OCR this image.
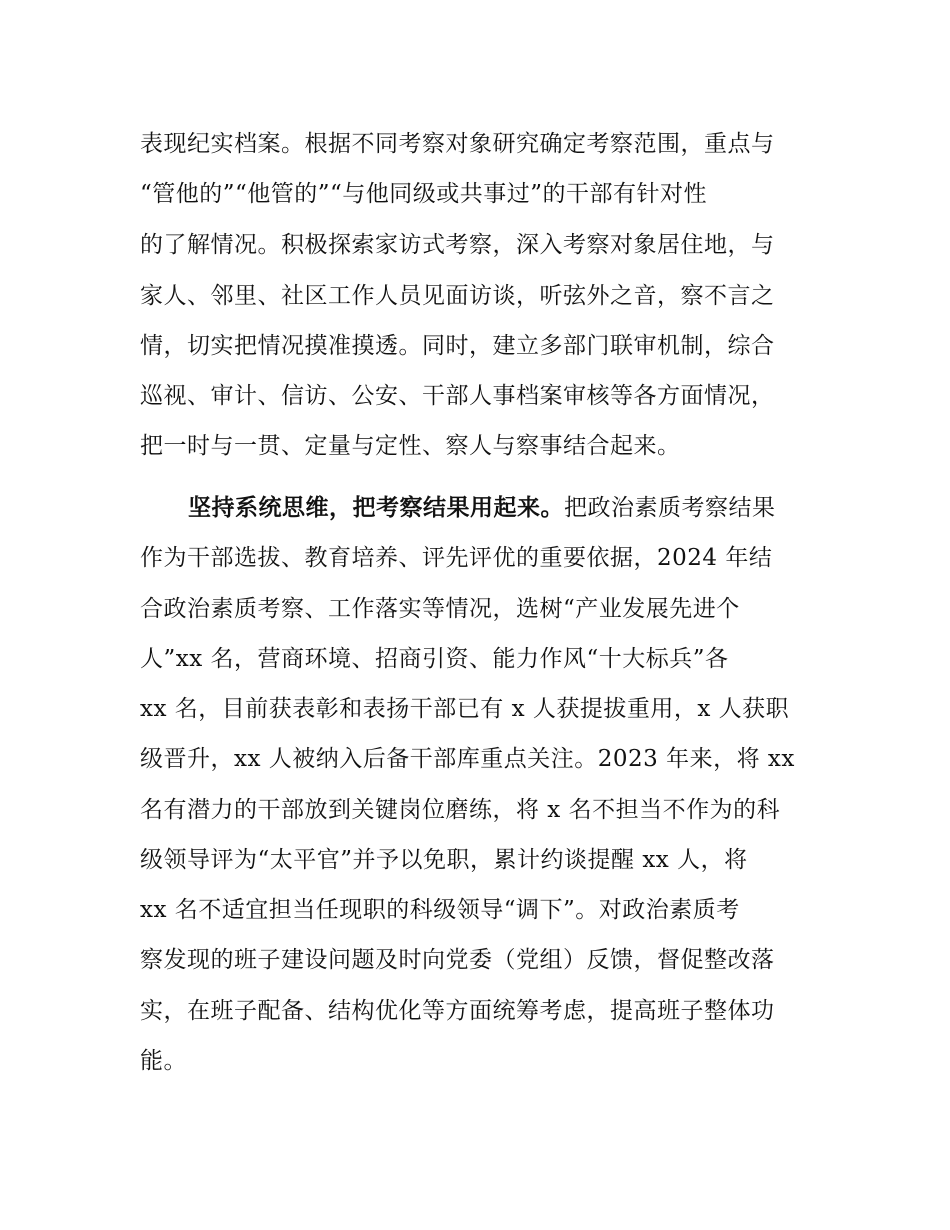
表现纪实档案。根据不同考察对象研究确定考察范围，重点与
“管他的”“他管的”“与他同级或共事过”的干部有针对性
的了解情况。积极探索家访式考察，深入考察对象居住地，与
家人、邻里、社区工作人员见面访谈，听弦外之音，察不言之
情，切实把情况摸准摸透。同时，建立多部门联审机制，综合
巡视、审计、信访、公安、干部人事档案审核等各方面情况，
把一时与一贯、定量与定性、察人与察事结合起来。
坚持系统思维，把考察结果用起来。把政治素质考察结果
作为干部选拔、教育培养、评先评优的重要依据，2024 年结
合政治素质考察、工作落实等情况，选树“产业发展先进个
人”xx 名，营商环境、招商引资、能力作风“十大标兵”各
xx 名，目前获表彰和表扬干部已有 x 人获提拔重用，x 人获职
级晋升，xx 人被纳入后备干部库重点关注。2023 年来，将 xx
名有潜力的干部放到关键岗位磨练，将 x 名不担当不作为的科
级领导评为“太平官”并予以免职，累计约谈提醒 xx 人，将
xx 名不适宜担当任现职的科级领导“调下”。对政治素质考
察发现的班子建设问题及时向党委（党组）反馈，督促整改落
实，在班子配备、结构优化等方面统筹考虑，提高班子整体功
能。
